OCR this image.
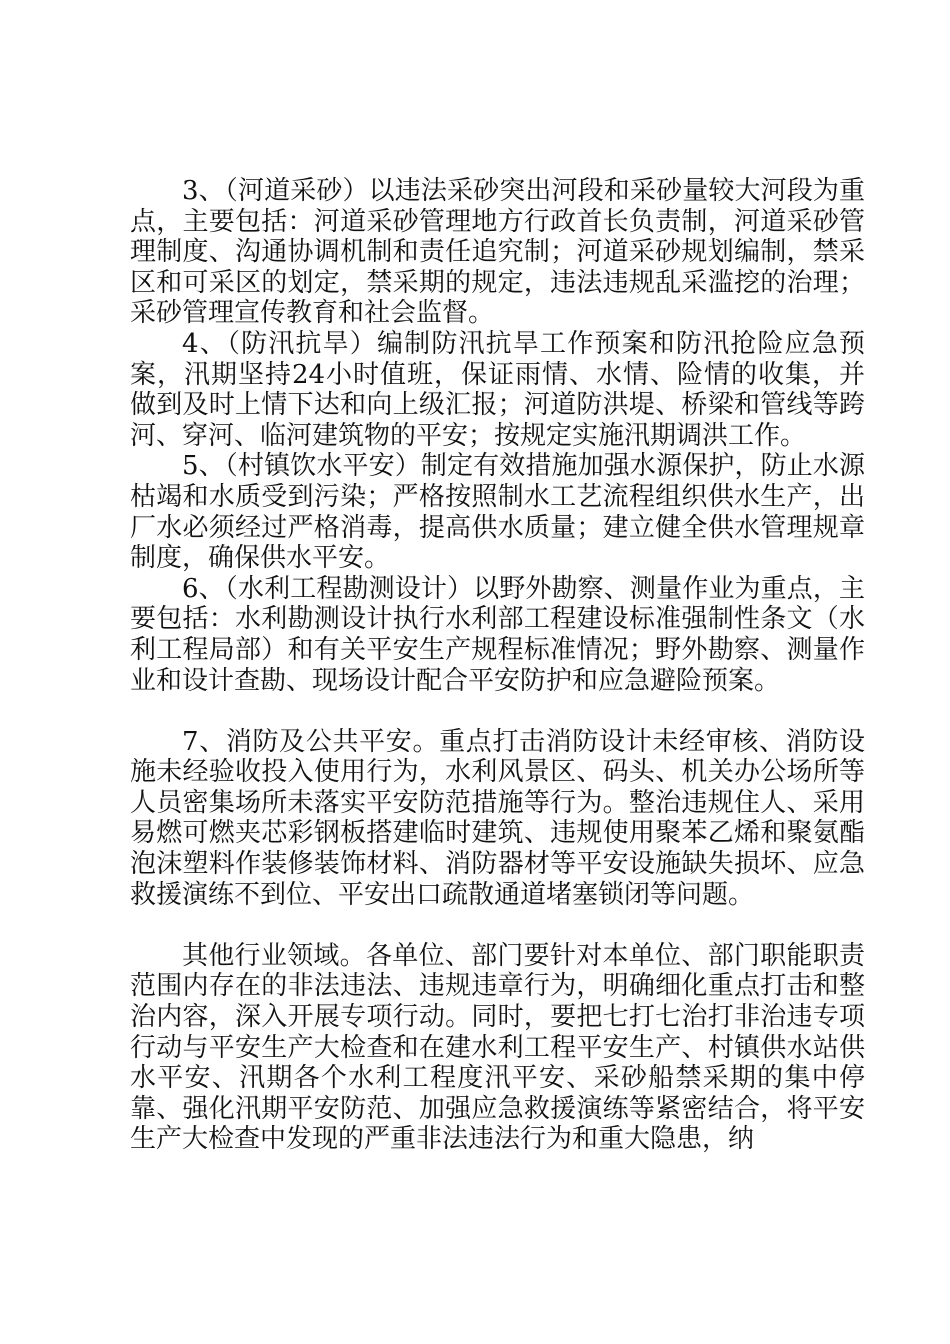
3、（河道采砂）以违法采砂突出河段和采砂量较大河段为重点，主要包括：河道采砂管理地方行政首长负责制，河道采砂管理制度、沟通协调机制和责任追究制；河道采砂规划编制，禁采区和可采区的划定，禁采期的规定，违法违规乱采滥挖的治理；采砂管理宣传教育和社会监督。

4、（防汛抗旱）编制防汛抗旱工作预案和防汛抢险应急预案，汛期坚持24小时值班，保证雨情、水情、险情的收集，并做到及时上情下达和向上级汇报；河道防洪堤、桥梁和管线等跨河、穿河、临河建筑物的平安；按规定实施汛期调洪工作。

5、（村镇饮水平安）制定有效措施加强水源保护，防止水源枯竭和水质受到污染；严格按照制水工艺流程组织供水生产，出厂水必须经过严格消毒，提高供水质量；建立健全供水管理规章制度，确保供水平安。

6、（水利工程勘测设计）以野外勘察、测量作业为重点，主要包括：水利勘测设计执行水利部工程建设标准强制性条文（水利工程局部）和有关平安生产规程标准情况；野外勘察、测量作业和设计查勘、现场设计配合平安防护和应急避险预案。

7、消防及公共平安。重点打击消防设计未经审核、消防设施未经验收投入使用行为，水利风景区、码头、机关办公场所等人员密集场所未落实平安防范措施等行为。整治违规住人、采用易燃可燃夹芯彩钢板搭建临时建筑、违规使用聚苯乙烯和聚氨酯泡沫塑料作装修装饰材料、消防器材等平安设施缺失损坏、应急救援演练不到位、平安出口疏散通道堵塞锁闭等问题。

其他行业领域。各单位、部门要针对本单位、部门职能职责范围内存在的非法违法、违规违章行为，明确细化重点打击和整治内容，深入开展专项行动。同时，要把七打七治打非治违专项行动与平安生产大检查和在建水利工程平安生产、村镇供水站供水平安、汛期各个水利工程度汛平安、采砂船禁采期的集中停靠、强化汛期平安防范、加强应急救援演练等紧密结合，将平安生产大检查中发现的严重非法违法行为和重大隐患，纳
